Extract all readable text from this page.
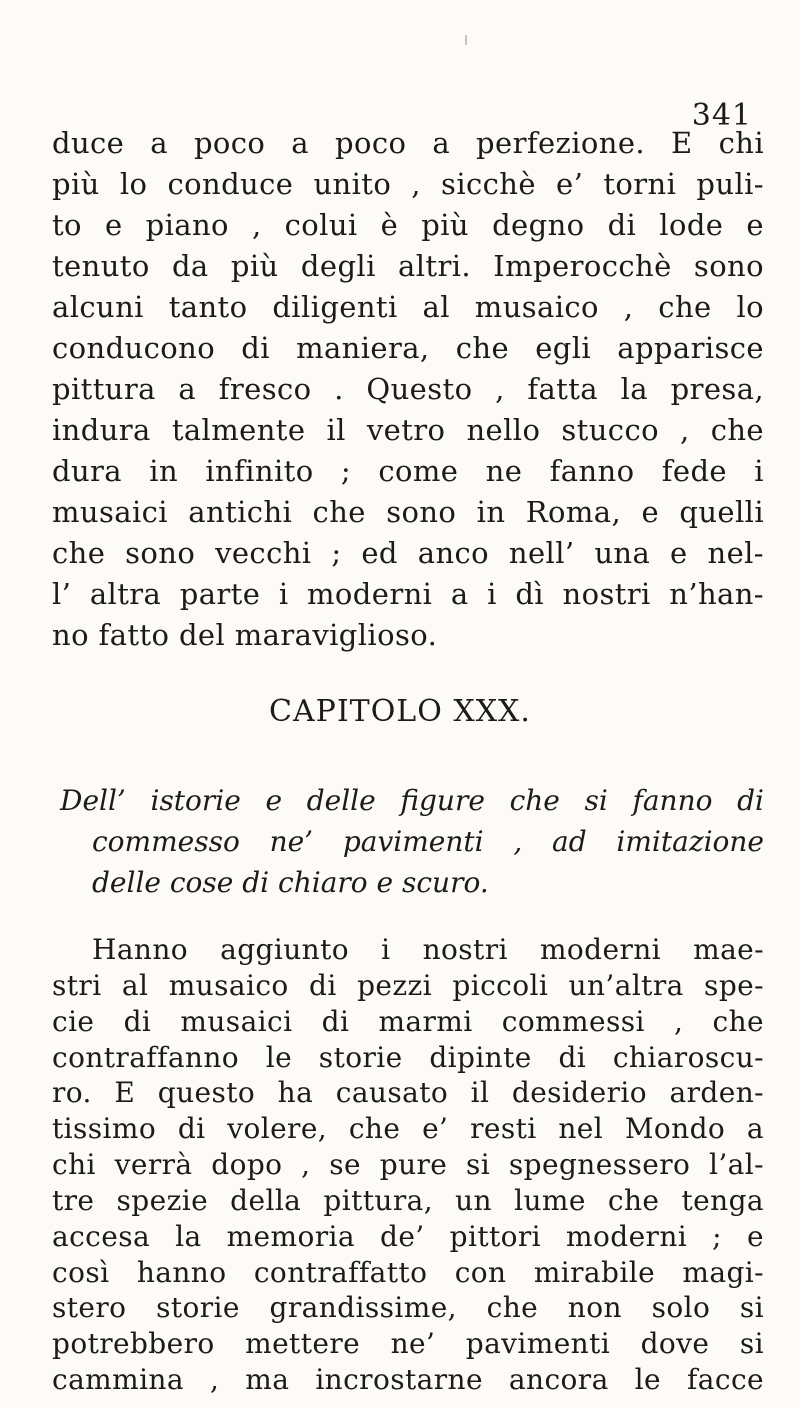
341
duce a poco a poco a perfezione. E chi
più lo conduce unito , sicchè e’ torni puli-
to e piano , colui è più degno di lode e
tenuto da più degli altri. Imperocchè sono
alcuni tanto diligenti al musaico , che lo
conducono di maniera, che egli apparisce
pittura a fresco . Questo , fatta la presa,
indura talmente il vetro nello stucco , che
dura in infinito ; come ne fanno fede i
musaici antichi che sono in Roma, e quelli
che sono vecchi ; ed anco nell’ una e nel-
l’ altra parte i moderni a i dì nostri n’han-
no fatto del maraviglioso.
CAPITOLO XXX.
Dell’ istorie e delle figure che si fanno di
commesso ne’ pavimenti , ad imitazione
delle cose di chiaro e scuro.
Hanno aggiunto i nostri moderni mae-
stri al musaico di pezzi piccoli un’altra spe-
cie di musaici di marmi commessi , che
contraffanno le storie dipinte di chiaroscu-
ro. E questo ha causato il desiderio arden-
tissimo di volere, che e’ resti nel Mondo a
chi verrà dopo , se pure si spegnessero l’al-
tre spezie della pittura, un lume che tenga
accesa la memoria de’ pittori moderni ; e
così hanno contraffatto con mirabile magi-
stero storie grandissime, che non solo si
potrebbero mettere ne’ pavimenti dove si
cammina , ma incrostarne ancora le facce
